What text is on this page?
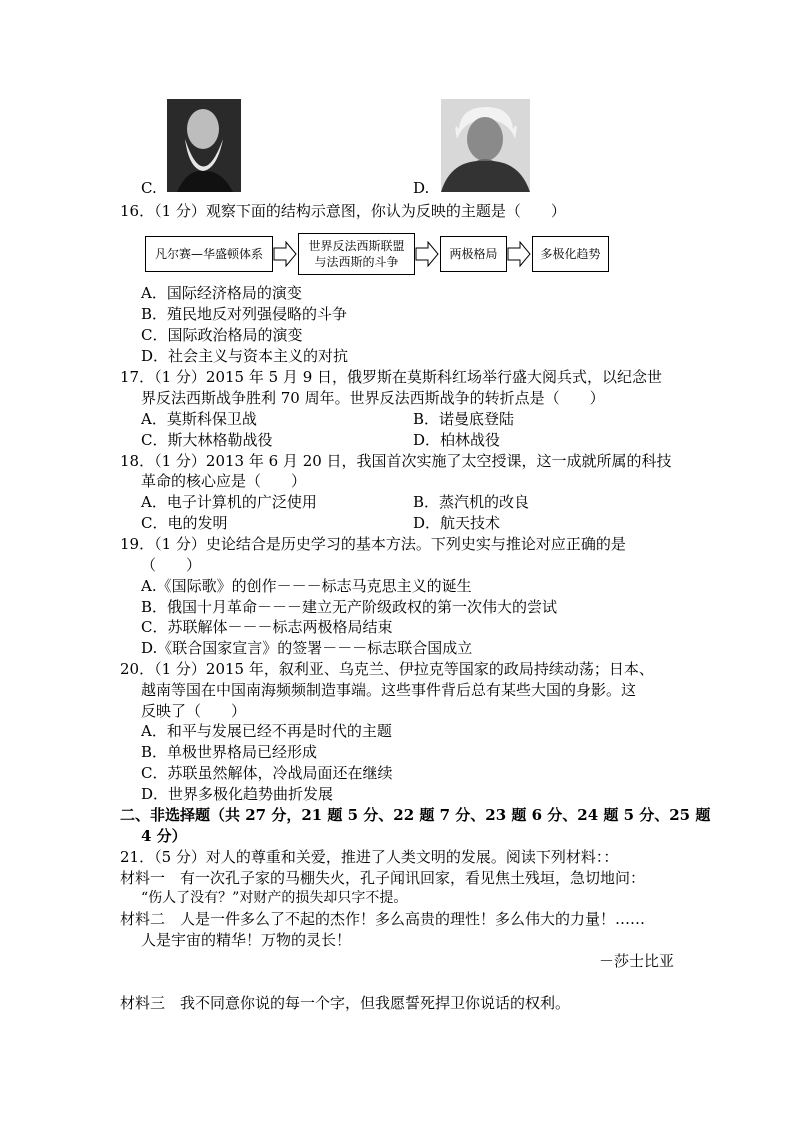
C.	D.
16．（1 分）观察下面的结构示意图，你认为反映的主题是（　　）
凡尔赛—华盛顿体系
世界反法西斯联盟
与法西斯的斗争
两极格局	多极化趋势
A．国际经济格局的演变
B．殖民地反对列强侵略的斗争
C．国际政治格局的演变
D．社会主义与资本主义的对抗
17．（1 分）2015 年 5 月 9 日，俄罗斯在莫斯科红场举行盛大阅兵式，以纪念世
界反法西斯战争胜利 70 周年。世界反法西斯战争的转折点是（　　）
A．莫斯科保卫战	B．诺曼底登陆
C．斯大林格勒战役	D．柏林战役
18．（1 分）2013 年 6 月 20 日，我国首次实施了太空授课，这一成就所属的科技
革命的核心应是（　　）
A．电子计算机的广泛使用	B．蒸汽机的改良
C．电的发明	D．航天技术
19．（1 分）史论结合是历史学习的基本方法。下列史实与推论对应正确的是
（　　）
A.《国际歌》的创作－－－标志马克思主义的诞生
B．俄国十月革命－－－建立无产阶级政权的第一次伟大的尝试
C．苏联解体－－－标志两极格局结束
D.《联合国家宣言》的签署－－－标志联合国成立
20．（1 分）2015 年，叙利亚、乌克兰、伊拉克等国家的政局持续动荡；日本、
越南等国在中国南海频频制造事端。这些事件背后总有某些大国的身影。这
反映了（　　）
A．和平与发展已经不再是时代的主题
B．单极世界格局已经形成
C．苏联虽然解体，冷战局面还在继续
D．世界多极化趋势曲折发展
二、非选择题（共 27 分，21 题 5 分、22 题 7 分、23 题 6 分、24 题 5 分、25 题
4 分）
21．（5 分）对人的尊重和关爱，推进了人类文明的发展。阅读下列材料：：
材料一　有一次孔子家的马棚失火，孔子闻讯回家，看见焦土残垣，急切地问：
“伤人了没有？”对财产的损失却只字不提。
材料二　人是一件多么了不起的杰作！多么高贵的理性！多么伟大的力量！……
人是宇宙的精华！万物的灵长！
－莎士比亚
材料三　我不同意你说的每一个字，但我愿誓死捍卫你说话的权利。
